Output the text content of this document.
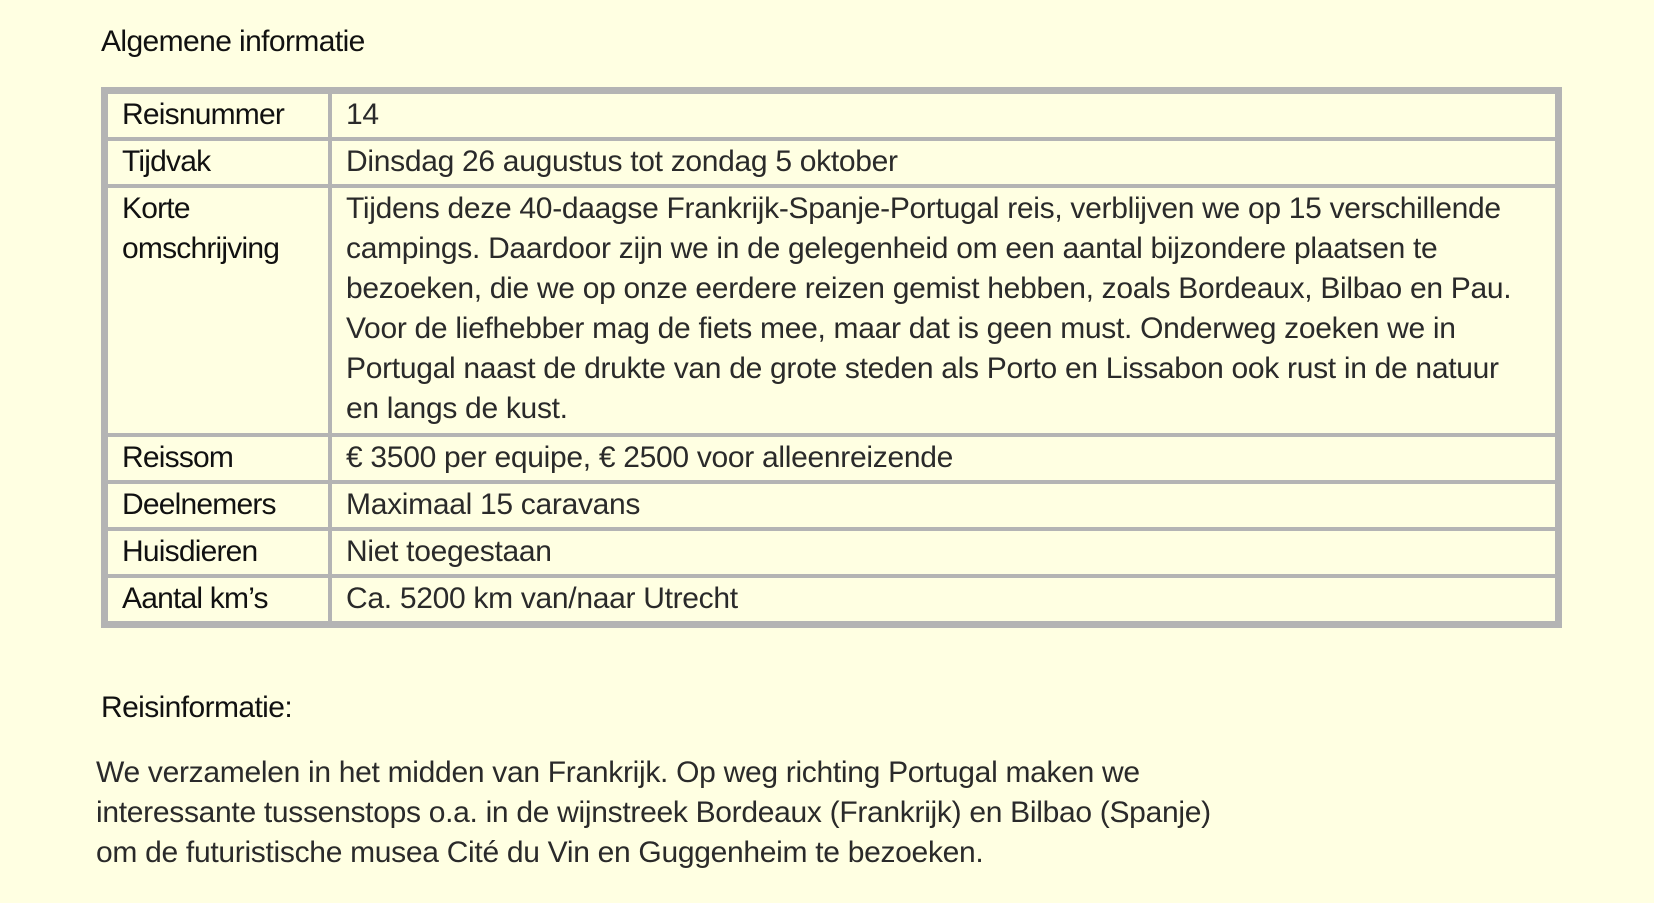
Algemene informatie
Reisnummer	14
Tijdvak	Dinsdag 26 augustus tot zondag 5 oktober
Korte
omschrijving	Tijdens deze 40-daagse Frankrijk-Spanje-Portugal reis, verblijven we op 15 verschillende campings. Daardoor zijn we in de gelegenheid om een aantal bijzondere plaatsen te bezoeken, die we op onze eerdere reizen gemist hebben, zoals Bordeaux, Bilbao en Pau. Voor de liefhebber mag de fiets mee, maar dat is geen must. Onderweg zoeken we in Portugal naast de drukte van de grote steden als Porto en Lissabon ook rust in de natuur en langs de kust.
Reissom	€ 3500 per equipe, € 2500 voor alleenreizende
Deelnemers	Maximaal 15 caravans
Huisdieren	Niet toegestaan
Aantal km’s	Ca. 5200 km van/naar Utrecht
Reisinformatie:

We verzamelen in het midden van Frankrijk. Op weg richting Portugal maken we
interessante tussenstops o.a. in de wijnstreek Bordeaux (Frankrijk) en Bilbao (Spanje)
om de futuristische musea Cité du Vin en Guggenheim te bezoeken.
